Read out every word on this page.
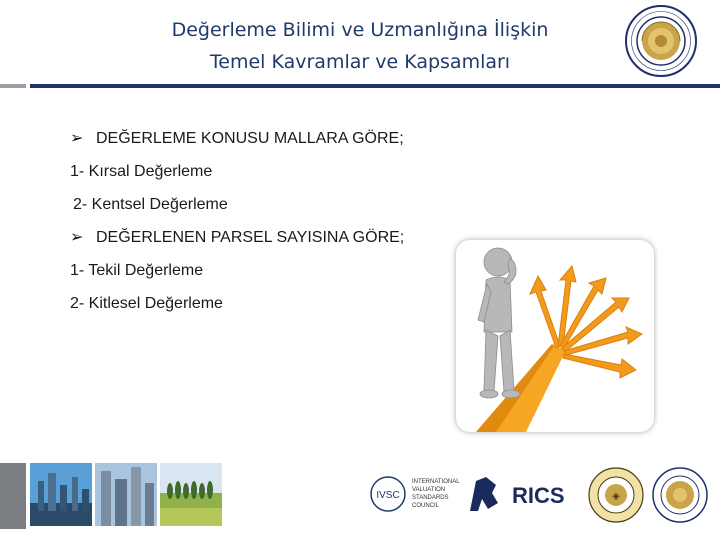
Değerleme Bilimi ve Uzmanlığına İlişkin
Temel Kavramlar ve Kapsamları
➢ DEĞERLEME KONUSU MALLARA GÖRE;
1- Kırsal Değerleme
2- Kentsel Değerleme
➢ DEĞERLENEN PARSEL SAYISINA GÖRE;
1- Tekil Değerleme
2- Kitlesel Değerleme
IVSC
INTERNATIONAL
VALUATION
STANDARDS
COUNCIL	RICS	◈
